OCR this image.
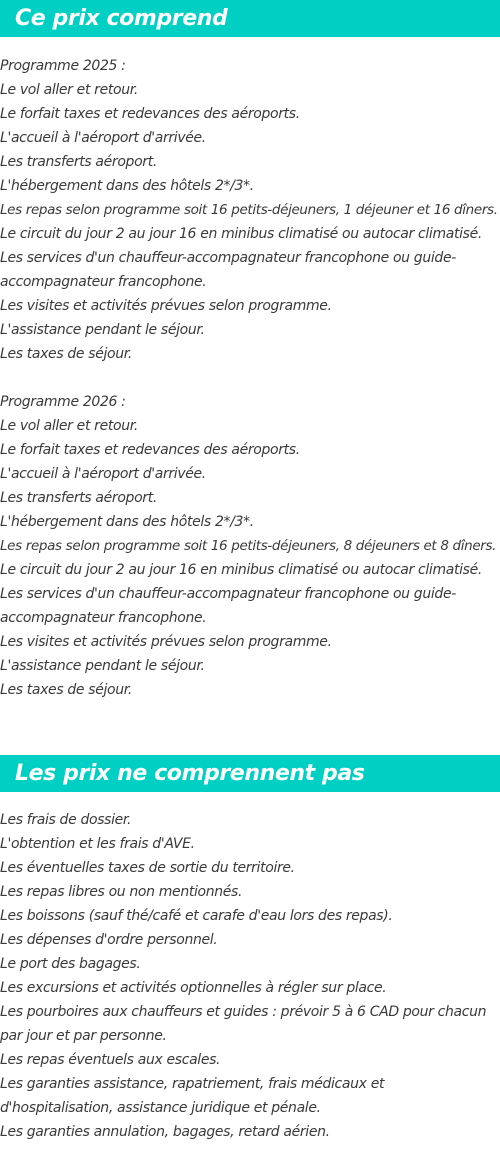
Ce prix comprend

Programme 2025 :

Le vol aller et retour.

Le forfait taxes et redevances des aéroports.

L'accueil à l'aéroport d'arrivée.

Les transferts aéroport.

L'hébergement dans des hôtels 2*/3*.

Les repas selon programme soit 16 petits-déjeuners, 1 déjeuner et 16 dîners.

Le circuit du jour 2 au jour 16 en minibus climatisé ou autocar climatisé.

Les services d'un chauffeur-accompagnateur francophone ou guide-accompagnateur francophone.

Les visites et activités prévues selon programme.

L'assistance pendant le séjour.

Les taxes de séjour.

Programme 2026 :

Le vol aller et retour.

Le forfait taxes et redevances des aéroports.

L'accueil à l'aéroport d'arrivée.

Les transferts aéroport.

L'hébergement dans des hôtels 2*/3*.

Les repas selon programme soit 16 petits-déjeuners, 8 déjeuners et 8 dîners.

Le circuit du jour 2 au jour 16 en minibus climatisé ou autocar climatisé.

Les services d'un chauffeur-accompagnateur francophone ou guide-accompagnateur francophone.

Les visites et activités prévues selon programme.

L'assistance pendant le séjour.

Les taxes de séjour.

Les prix ne comprennent pas

Les frais de dossier.

L'obtention et les frais d'AVE.

Les éventuelles taxes de sortie du territoire.

Les repas libres ou non mentionnés.

Les boissons (sauf thé/café et carafe d'eau lors des repas).

Les dépenses d'ordre personnel.

Le port des bagages.

Les excursions et activités optionnelles à régler sur place.

Les pourboires aux chauffeurs et guides : prévoir 5 à 6 CAD pour chacun par jour et par personne.

Les repas éventuels aux escales.

Les garanties assistance, rapatriement, frais médicaux et d'hospitalisation, assistance juridique et pénale.

Les garanties annulation, bagages, retard aérien.
